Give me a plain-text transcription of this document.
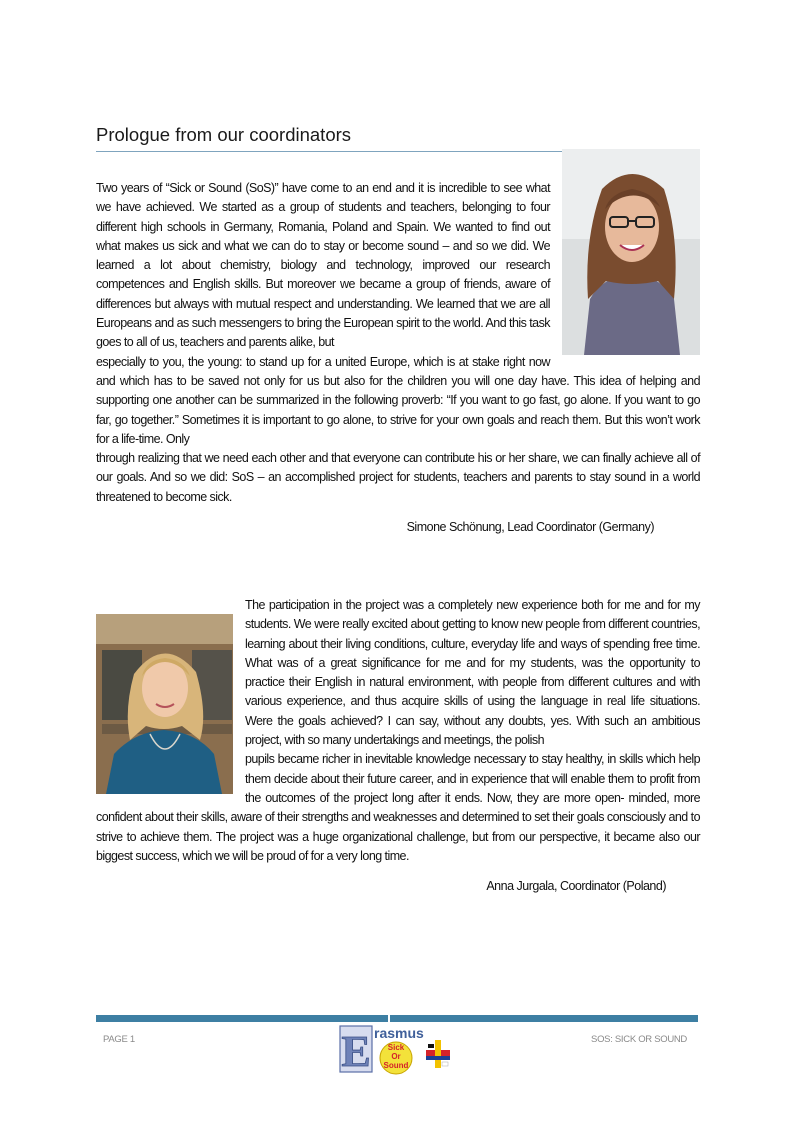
Prologue from our coordinators

Two years of “Sick or Sound (SoS)” have come to an end and it is incredible to see what we have achieved. We started as a group of students and teachers, belonging to four different high schools in Germany, Romania, Poland and Spain. We wanted to find out what makes us sick and what we can do to stay or become sound – and so we did. We learned a lot about chemistry, biology and technology, improved our research competences and English skills. But moreover we became a group of friends, aware of differences but always with mutual respect and understanding. We learned that we are all Europeans and as such messengers to bring the European spirit to the world. And this task goes to all of us, teachers and parents alike, but

especially to you, the young: to stand up for a united Europe, which is at stake right now and which has to be saved not only for us but also for the children you will one day have. This idea of helping and supporting one another can be summarized in the following proverb: “If you want to go fast, go alone. If you want to go far, go together.” Sometimes it is important to go alone, to strive for your own goals and reach them. But this won’t work for a life-time. Only

through realizing that we need each other and that everyone can contribute his or her share, we can finally achieve all of our goals. And so we did: SoS – an accomplished project for students, teachers and parents to stay sound in a world threatened to become sick.

Simone Schönung, Lead Coordinator (Germany)

The participation in the project was a completely new experience both for me and for my students. We were really excited about getting to know new people from different countries, learning about their living conditions, culture, everyday life and ways of spending free time. What was of a great significance for me and for my students, was the opportunity to practice their English in natural environment, with people from different cultures and with various experience, and thus acquire skills of using the language in real life situations. Were the goals achieved? I can say, without any doubts, yes. With such an ambitious project, with so many undertakings and meetings, the polish

pupils became richer in inevitable knowledge necessary to stay healthy, in skills which help them decide about their future career, and in experience that will enable them to profit from the outcomes of the project long after it ends. Now, they are more open- minded, more confident about their skills, aware of their strengths and weaknesses and determined to set their goals consciously and to strive to achieve them. The project was a huge organizational challenge, but from our perspective, it became also our biggest success, which we will be proud of for a very long time.

Anna Jurgala, Coordinator (Poland)
PAGE 1	SOS: SICK OR SOUND
E rasmus
Sick
Or
Sound
